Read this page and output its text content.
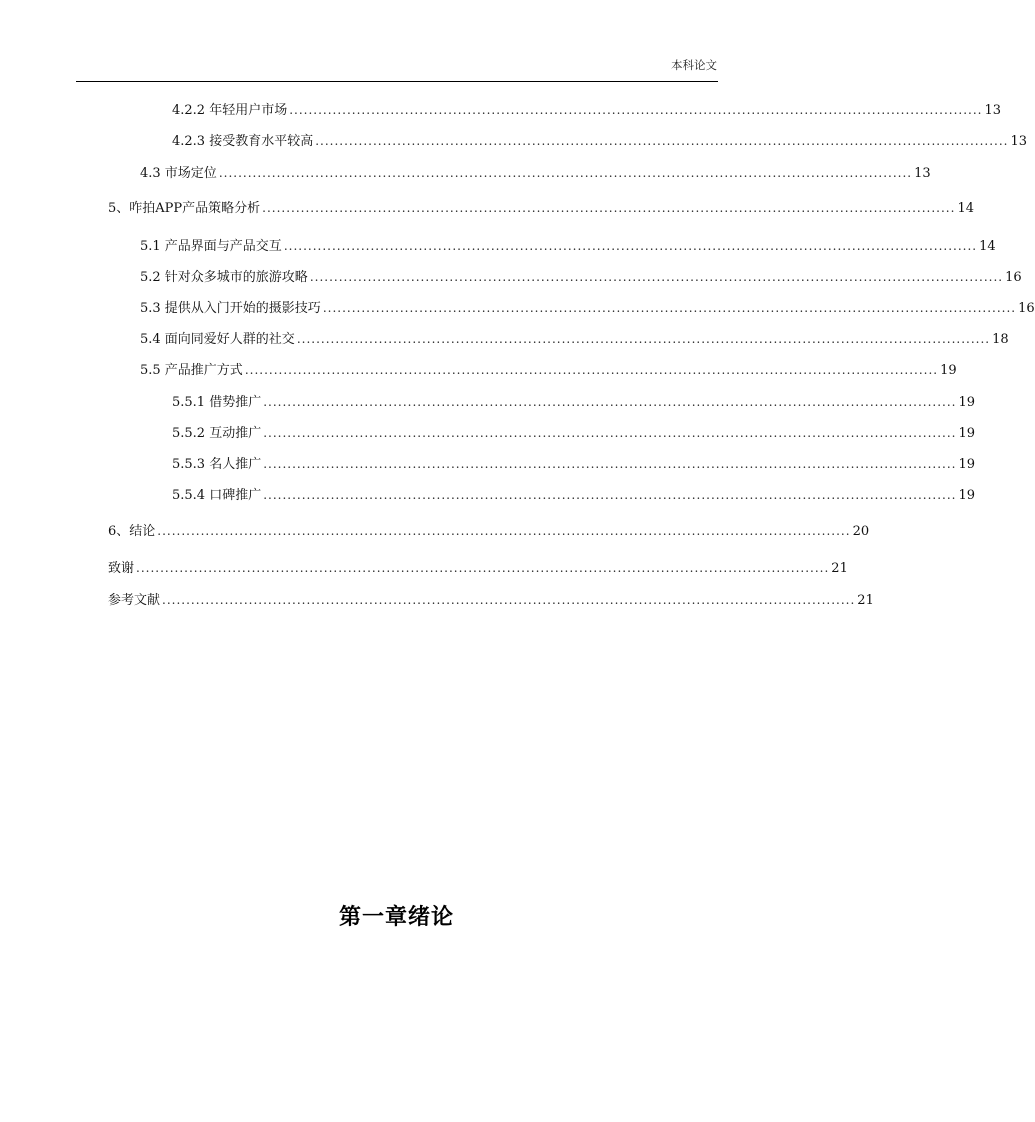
本科论文
4.2.2 年轻用户市场 ................................................................................................................................................ 13
4.2.3 接受教育水平较高 ................................................................................................................................................ 13
4.3 市场定位 ................................................................................................................................................ 13
5、咋拍APP产品策略分析 ................................................................................................................................................ 14
5.1 产品界面与产品交互 ................................................................................................................................................ 14
5.2 针对众多城市的旅游攻略 ................................................................................................................................................ 16
5.3 提供从入门开始的摄影技巧 ................................................................................................................................................ 16
5.4 面向同爱好人群的社交 ................................................................................................................................................ 18
5.5 产品推广方式 ................................................................................................................................................ 19
5.5.1 借势推广 ................................................................................................................................................ 19
5.5.2 互动推广 ................................................................................................................................................ 19
5.5.3 名人推广 ................................................................................................................................................ 19
5.5.4 口碑推广 ................................................................................................................................................ 19
6、结论 ................................................................................................................................................ 20
致谢 ................................................................................................................................................ 21
参考文献 ................................................................................................................................................ 21
第一章绪论
